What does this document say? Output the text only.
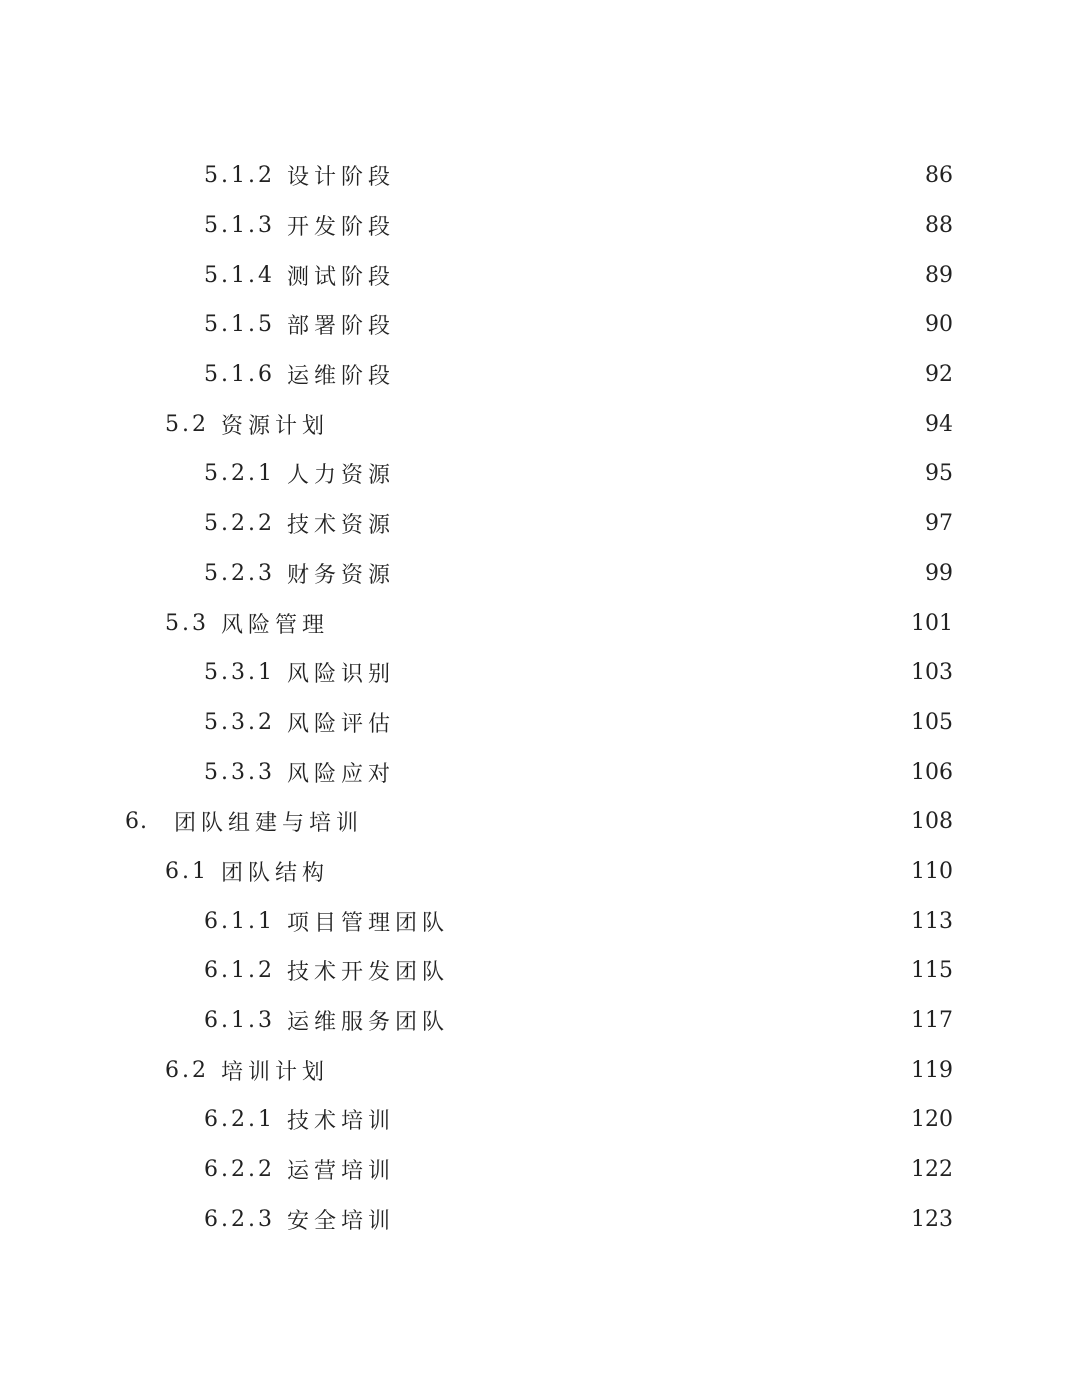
5.1.2 设计阶段	86
5.1.3 开发阶段	88
5.1.4 测试阶段	89
5.1.5 部署阶段	90
5.1.6 运维阶段	92
5.2 资源计划	94
5.2.1 人力资源	95
5.2.2 技术资源	97
5.2.3 财务资源	99
5.3 风险管理	101
5.3.1 风险识别	103
5.3.2 风险评估	105
5.3.3 风险应对	106
6. 团队组建与培训	108
6.1 团队结构	110
6.1.1 项目管理团队	113
6.1.2 技术开发团队	115
6.1.3 运维服务团队	117
6.2 培训计划	119
6.2.1 技术培训	120
6.2.2 运营培训	122
6.2.3 安全培训	123
